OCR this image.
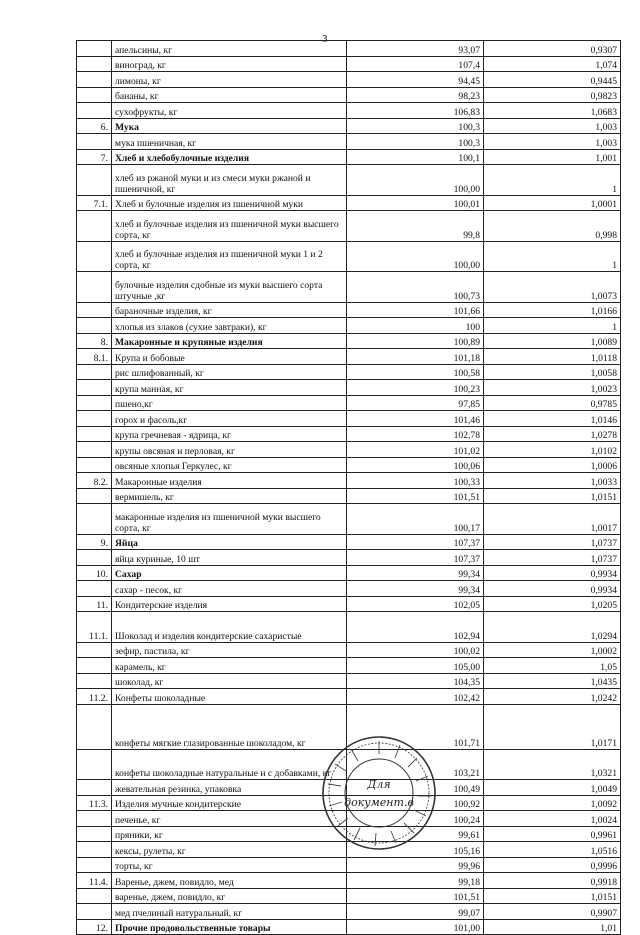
3
	апельсины, кг	93,07	0,9307
	виноград, кг	107,4	1,074
	лимоны, кг	94,45	0,9445
	бананы, кг	98,23	0,9823
	сухофрукты, кг	106,83	1,0683
6.	Мука	100,3	1,003
	мука пшеничная, кг	100,3	1,003
7.	Хлеб и хлебобулочные изделия	100,1	1,001
	хлеб из ржаной муки и из смеси муки ржаной и пшеничной, кг	100,00	1
7.1.	Хлеб и булочные изделия из пшеничной муки	100,01	1,0001
	хлеб и булочные изделия из пшеничной муки высшего сорта, кг	99,8	0,998
	хлеб и булочные изделия из пшеничной муки 1 и 2 сорта, кг	100,00	1
	булочные изделия сдобные из муки высшего сорта штучные ,кг	100,73	1,0073
	бараночные изделия, кг	101,66	1,0166
	хлопья из злаков (сухие завтраки), кг	100	1
8.	Макаронные и крупяные изделия	100,89	1,0089
8.1.	Крупа и бобовые	101,18	1,0118
	рис шлифованный, кг	100,58	1,0058
	крупа манная, кг	100,23	1,0023
	пшено,кг	97,85	0,9785
	горох и фасоль,кг	101,46	1,0146
	крупа гречневая - ядрица, кг	102,78	1,0278
	крупы овсяная и перловая, кг	101,02	1,0102
	овсяные хлопья Геркулес, кг	100,06	1,0006
8.2.	Макаронные изделия	100,33	1,0033
	вермишель, кг	101,51	1,0151
	макаронные изделия из пшеничной муки высшего сорта, кг	100,17	1,0017
9.	Яйца	107,37	1,0737
	яйца куриные, 10 шт	107,37	1,0737
10.	Сахар	99,34	0,9934
	сахар - песок, кг	99,34	0,9934
11.	Кондитерские изделия	102,05	1,0205
11.1.	Шоколад и изделия кондитерские сахаристые	102,94	1,0294
	зефир, пастила, кг	100,02	1,0002
	карамель, кг	105,00	1,05
	шоколад, кг	104,35	1,0435
11.2.	Конфеты шоколадные	102,42	1,0242
	конфеты мягкие глазированные шоколадом, кг	101,71	1,0171
	конфеты шоколадные натуральные и с добавками, кг	103,21	1,0321
	жевательная резинка, упаковка	100,49	1,0049
11.3.	Изделия мучные кондитерские	100,92	1,0092
	печенье, кг	100,24	1,0024
	пряники, кг	99,61	0,9961
	кексы, рулеты, кг	105,16	1,0516
	торты, кг	99,96	0,9996
11.4.	Варенье, джем, повидло, мед	99,18	0,9918
	варенье, джем, повидло, кг	101,51	1,0151
	мед пчелиный натуральный, кг	99,07	0,9907
12.	Прочие продовольственные товары	101,00	1,01
Для
документ.в
